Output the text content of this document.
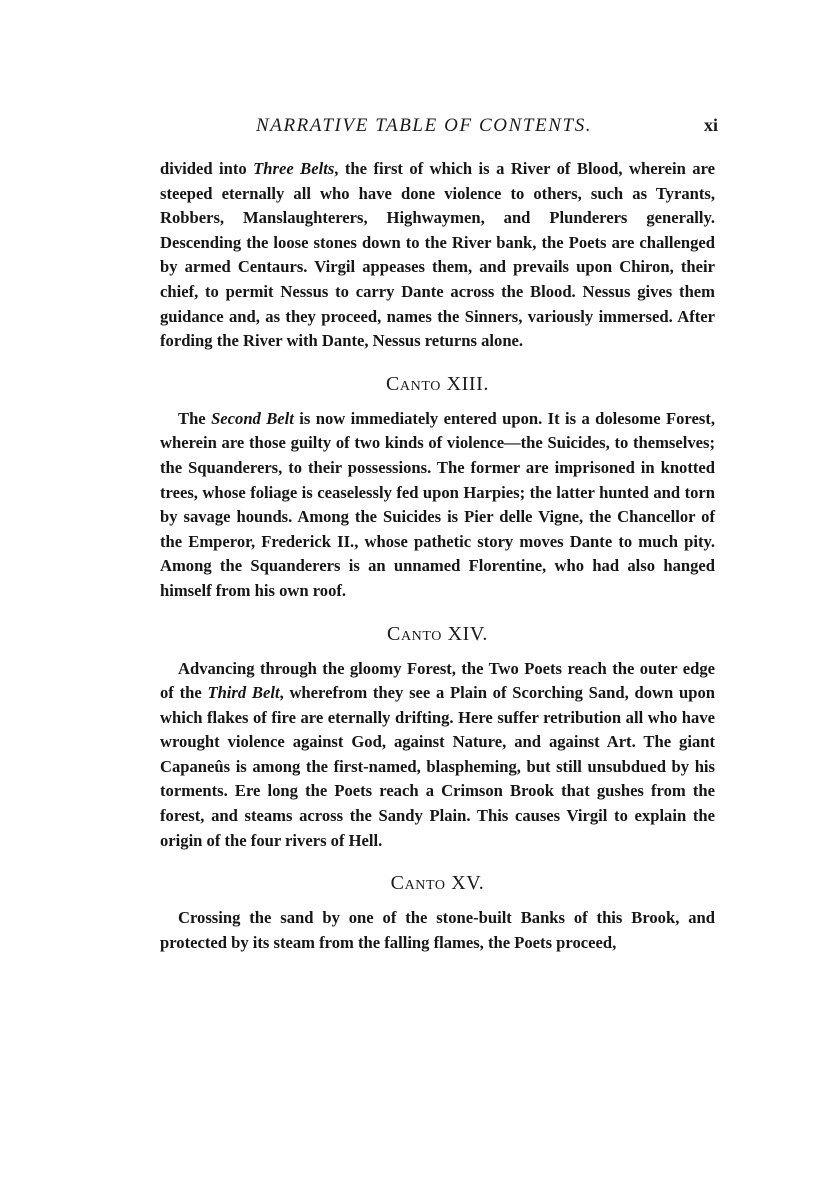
NARRATIVE TABLE OF CONTENTS.	xi

divided into Three Belts, the first of which is a River of Blood, wherein are steeped eternally all who have done violence to others, such as Tyrants, Robbers, Manslaughterers, Highwaymen, and Plunderers generally. Descending the loose stones down to the River bank, the Poets are challenged by armed Centaurs. Virgil appeases them, and prevails upon Chiron, their chief, to permit Nessus to carry Dante across the Blood. Nessus gives them guidance and, as they proceed, names the Sinners, variously immersed. After fording the River with Dante, Nessus returns alone.

Canto XIII.

The Second Belt is now immediately entered upon. It is a dolesome Forest, wherein are those guilty of two kinds of violence—the Suicides, to themselves; the Squanderers, to their possessions. The former are imprisoned in knotted trees, whose foliage is ceaselessly fed upon Harpies; the latter hunted and torn by savage hounds. Among the Suicides is Pier delle Vigne, the Chancellor of the Emperor, Frederick II., whose pathetic story moves Dante to much pity. Among the Squanderers is an unnamed Florentine, who had also hanged himself from his own roof.

Canto XIV.

Advancing through the gloomy Forest, the Two Poets reach the outer edge of the Third Belt, wherefrom they see a Plain of Scorching Sand, down upon which flakes of fire are eternally drifting. Here suffer retribution all who have wrought violence against God, against Nature, and against Art. The giant Capaneûs is among the first-named, blaspheming, but still unsubdued by his torments. Ere long the Poets reach a Crimson Brook that gushes from the forest, and steams across the Sandy Plain. This causes Virgil to explain the origin of the four rivers of Hell.

Canto XV.

Crossing the sand by one of the stone-built Banks of this Brook, and protected by its steam from the falling flames, the Poets proceed,
